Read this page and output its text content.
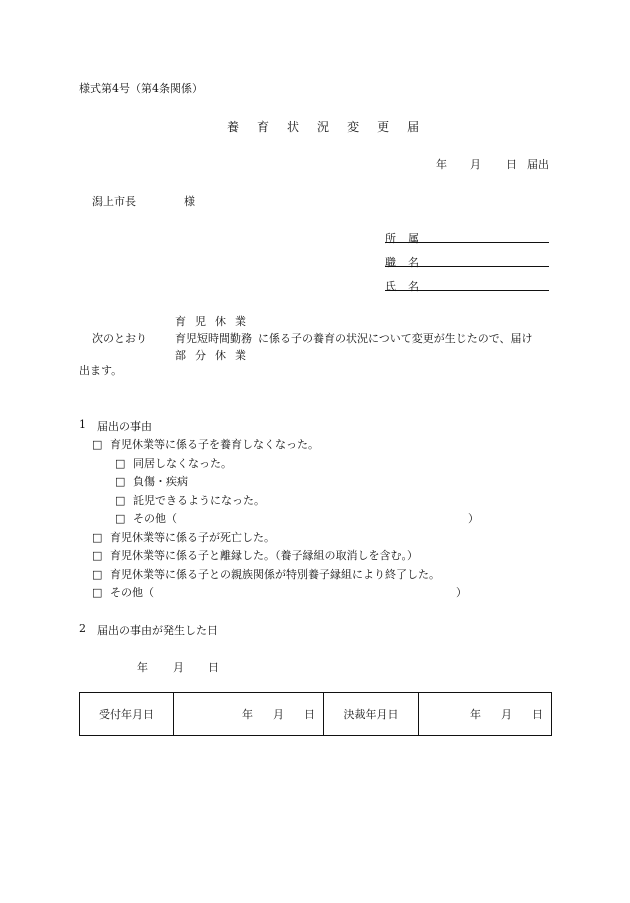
様式第4号（第4条関係）
養 育 状 況 変 更 届
年 月 日 届出
潟上市長	様
所 属
職 名
氏 名
育 児 休 業
次のとおり	育児短時間勤務 に係る子の養育の状況について変更が生じたので、届け
部 分 休 業
出ます。
1 届出の事由
□ 育児休業等に係る子を養育しなくなった。
□ 同居しなくなった。
□ 負傷・疾病
□ 託児できるようになった。
□ その他（	）
□ 育児休業等に係る子が死亡した。
□ 育児休業等に係る子と離縁した。（養子縁組の取消しを含む。）
□ 育児休業等に係る子との親族関係が特別養子縁組により終了した。
□ その他（	）
2 届出の事由が発生した日
年 月 日
受付年月日	年 月 日	決裁年月日	年 月 日
